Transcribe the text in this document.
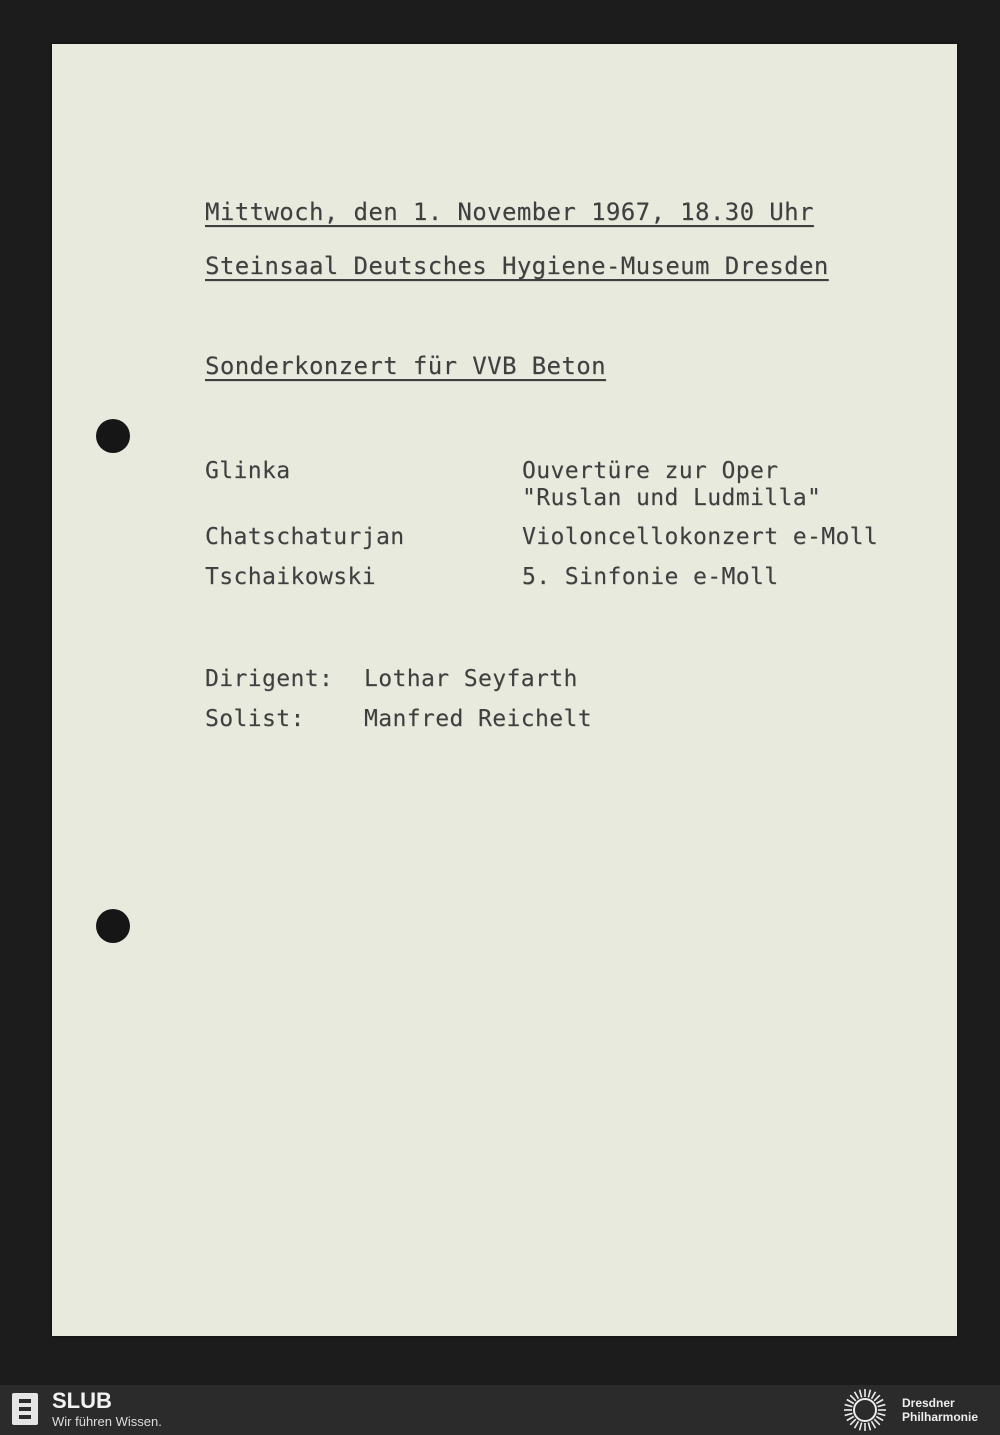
Mittwoch, den 1. November 1967, 18.30 Uhr
Steinsaal Deutsches Hygiene-Museum Dresden
Sonderkonzert für VVB Beton
Glinka	Ouvertüre zur Oper
"Ruslan und Ludmilla"
Chatschaturjan	Violoncellokonzert e-Moll
Tschaikowski	5. Sinfonie e-Moll
Dirigent: Lothar Seyfarth
Solist:	Manfred Reichelt
SLUB
Wir führen Wissen.
Dresdner
Philharmonie
